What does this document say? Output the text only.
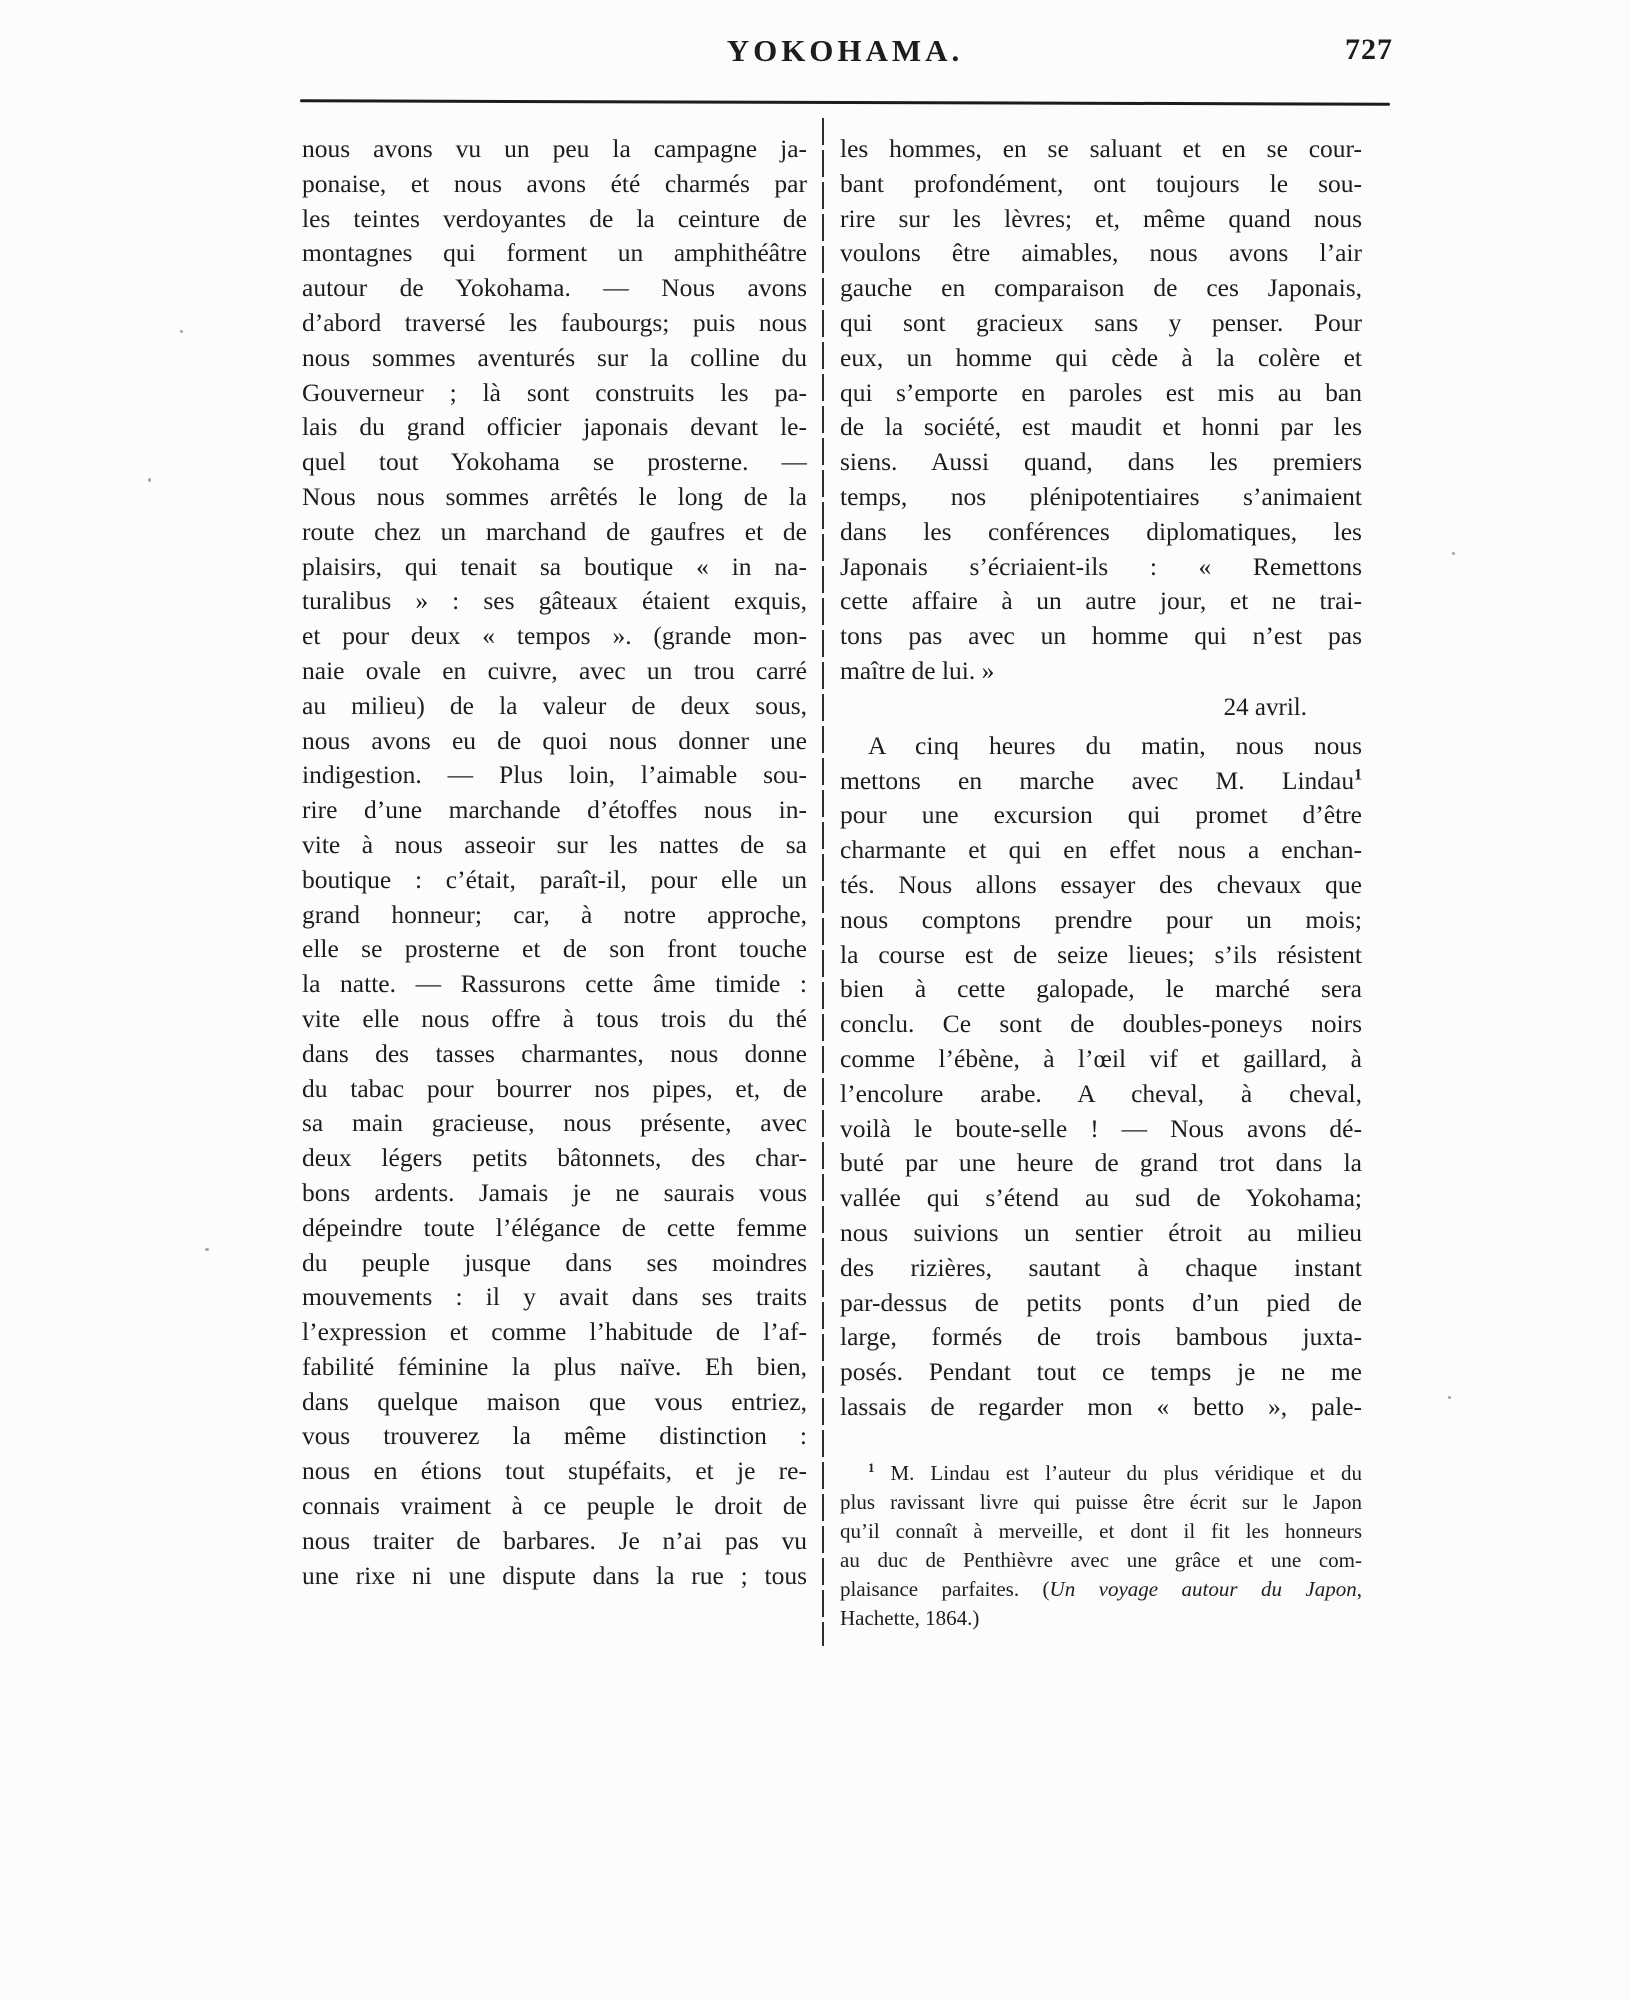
YOKOHAMA.	727
nous avons vu un peu la campagne ja-
ponaise, et nous avons été charmés par
les teintes verdoyantes de la ceinture de
montagnes qui forment un amphithéâtre
autour de Yokohama. — Nous avons
d’abord traversé les faubourgs; puis nous
nous sommes aventurés sur la colline du
Gouverneur ; là sont construits les pa-
lais du grand officier japonais devant le-
quel tout Yokohama se prosterne. —
Nous nous sommes arrêtés le long de la
route chez un marchand de gaufres et de
plaisirs, qui tenait sa boutique « in na-
turalibus » : ses gâteaux étaient exquis,
et pour deux « tempos ». (grande mon-
naie ovale en cuivre, avec un trou carré
au milieu) de la valeur de deux sous,
nous avons eu de quoi nous donner une
indigestion. — Plus loin, l’aimable sou-
rire d’une marchande d’étoffes nous in-
vite à nous asseoir sur les nattes de sa
boutique : c’était, paraît-il, pour elle un
grand honneur; car, à notre approche,
elle se prosterne et de son front touche
la natte. — Rassurons cette âme timide :
vite elle nous offre à tous trois du thé
dans des tasses charmantes, nous donne
du tabac pour bourrer nos pipes, et, de
sa main gracieuse, nous présente, avec
deux légers petits bâtonnets, des char-
bons ardents. Jamais je ne saurais vous
dépeindre toute l’élégance de cette femme
du peuple jusque dans ses moindres
mouvements : il y avait dans ses traits
l’expression et comme l’habitude de l’af-
fabilité féminine la plus naïve. Eh bien,
dans quelque maison que vous entriez,
vous trouverez la même distinction :
nous en étions tout stupéfaits, et je re-
connais vraiment à ce peuple le droit de
nous traiter de barbares. Je n’ai pas vu
une rixe ni une dispute dans la rue ; tous
les hommes, en se saluant et en se cour-
bant profondément, ont toujours le sou-
rire sur les lèvres; et, même quand nous
voulons être aimables, nous avons l’air
gauche en comparaison de ces Japonais,
qui sont gracieux sans y penser. Pour
eux, un homme qui cède à la colère et
qui s’emporte en paroles est mis au ban
de la société, est maudit et honni par les
siens. Aussi quand, dans les premiers
temps, nos plénipotentiaires s’animaient
dans les conférences diplomatiques, les
Japonais s’écriaient-ils : « Remettons
cette affaire à un autre jour, et ne trai-
tons pas avec un homme qui n’est pas
maître de lui. »
24 avril.
A cinq heures du matin, nous nous
mettons en marche avec M. Lindau$^1$
pour une excursion qui promet d’être
charmante et qui en effet nous a enchan-
tés. Nous allons essayer des chevaux que
nous comptons prendre pour un mois;
la course est de seize lieues; s’ils résistent
bien à cette galopade, le marché sera
conclu. Ce sont de doubles-poneys noirs
comme l’ébène, à l’œil vif et gaillard, à
l’encolure arabe. A cheval, à cheval,
voilà le boute-selle ! — Nous avons dé-
buté par une heure de grand trot dans la
vallée qui s’étend au sud de Yokohama;
nous suivions un sentier étroit au milieu
des rizières, sautant à chaque instant
par-dessus de petits ponts d’un pied de
large, formés de trois bambous juxta-
posés. Pendant tout ce temps je ne me
lassais de regarder mon « betto », pale-
$^1$ M. Lindau est l’auteur du plus véridique et du
plus ravissant livre qui puisse être écrit sur le Japon
qu’il connaît à merveille, et dont il fit les honneurs
au duc de Penthièvre avec une grâce et une com-
plaisance parfaites. (Un voyage autour du Japon,
Hachette, 1864.)
